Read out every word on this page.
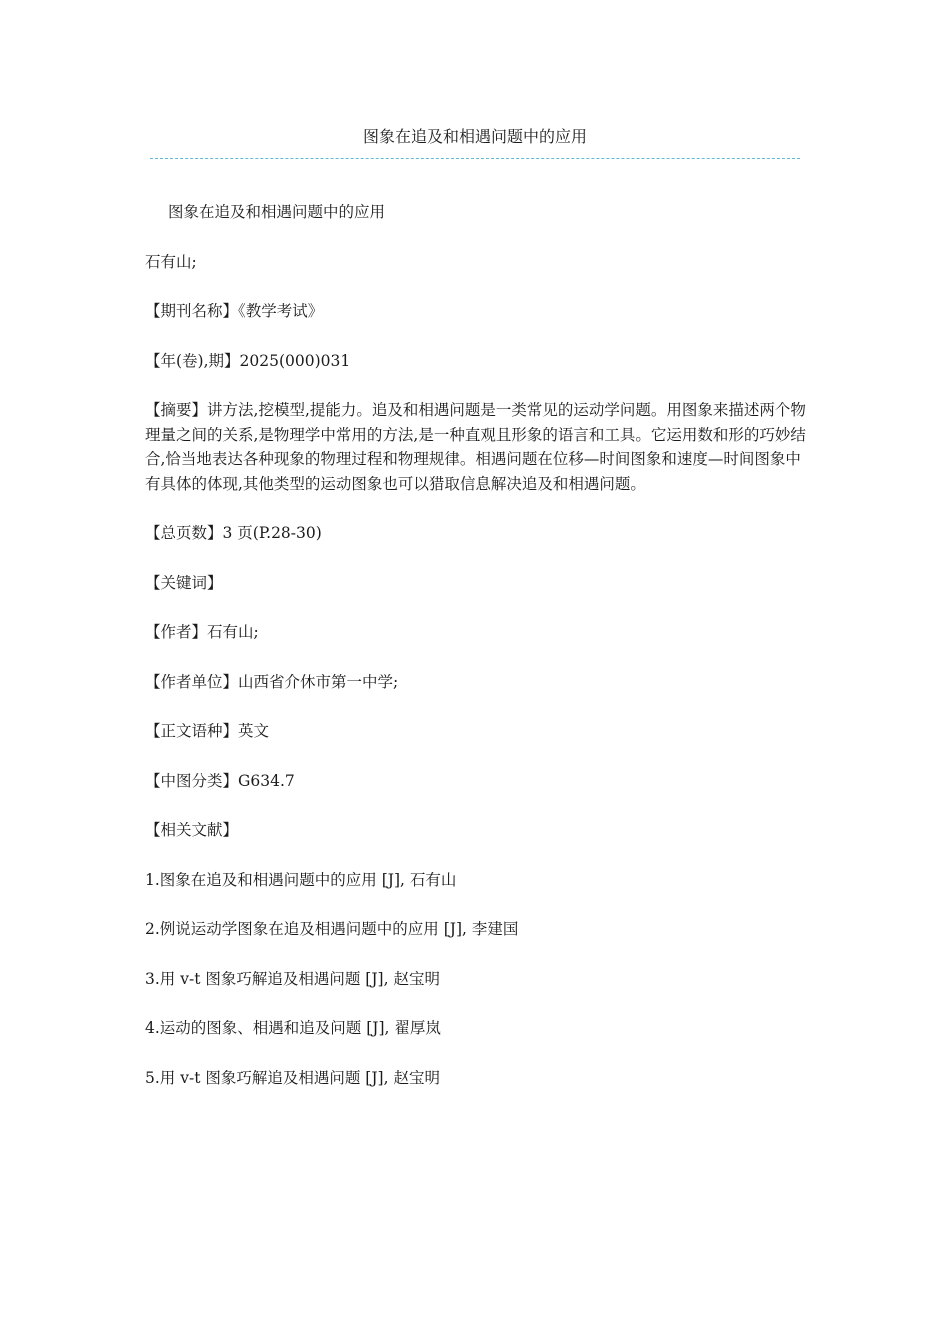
图象在追及和相遇问题中的应用

图象在追及和相遇问题中的应用

石有山;

【期刊名称】《教学考试》

【年(卷),期】2025(000)031

【摘要】讲方法,挖模型,提能力。追及和相遇问题是一类常见的运动学问题。用图象来描述两个物理量之间的关系,是物理学中常用的方法,是一种直观且形象的语言和工具。它运用数和形的巧妙结合,恰当地表达各种现象的物理过程和物理规律。相遇问题在位移—时间图象和速度—时间图象中有具体的体现,其他类型的运动图象也可以猎取信息解决追及和相遇问题。

【总页数】3 页(P.28-30)

【关键词】

【作者】石有山;

【作者单位】山西省介休市第一中学;

【正文语种】英文

【中图分类】G634.7

【相关文献】

1.图象在追及和相遇问题中的应用 [J], 石有山

2.例说运动学图象在追及相遇问题中的应用 [J], 李建国

3.用 v-t 图象巧解追及相遇问题 [J], 赵宝明

4.运动的图象、相遇和追及问题 [J], 翟厚岚

5.用 v-t 图象巧解追及相遇问题 [J], 赵宝明
